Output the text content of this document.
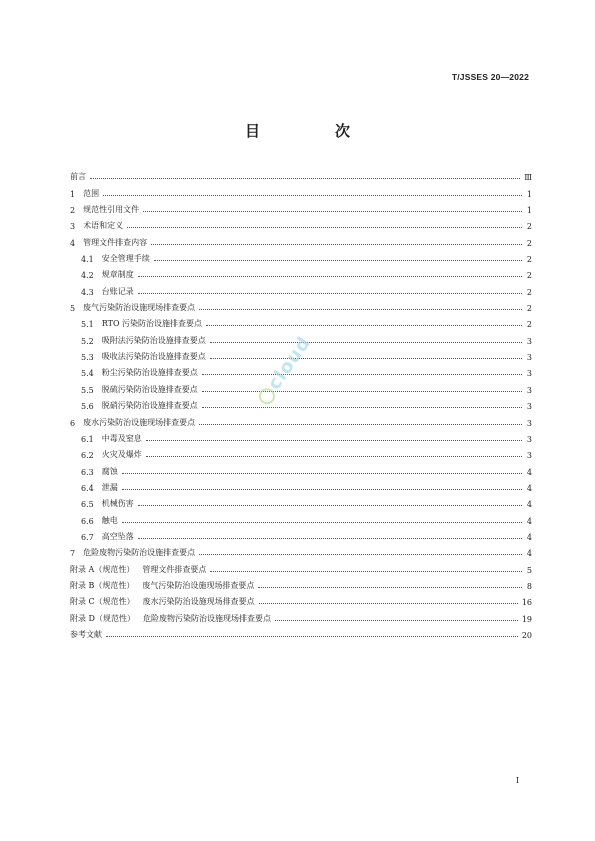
T/JSSES 20—2022
目　次
前言	Ⅲ
1 范围	1
2 规范性引用文件	1
3 术语和定义	2
4 管理文件排查内容	2
4.1 安全管理手续	2
4.2 规章制度	2
4.3 台账记录	2
5 废气污染防治设施现场排查要点	2
5.1 RTO 污染防治设施排查要点	2
5.2 吸附法污染防治设施排查要点	3
5.3 吸收法污染防治设施排查要点	3
5.4 粉尘污染防治设施排查要点	3
5.5 脱硫污染防治设施排查要点	3
5.6 脱硝污染防治设施排查要点	3
6 废水污染防治设施现场排查要点	3
6.1 中毒及窒息	3
6.2 火灾及爆炸	3
6.3 腐蚀	4
6.4 泄漏	4
6.5 机械伤害	4
6.6 触电	4
6.7 高空坠落	4
7 危险废物污染防治设施排查要点	4
附录 A（规范性） 管理文件排查要点	5
附录 B（规范性） 废气污染防治设施现场排查要点	8
附录 C（规范性） 废水污染防治设施现场排查要点	16
附录 D（规范性） 危险废物污染防治设施现场排查要点	19
参考文献	20
cloud
I
